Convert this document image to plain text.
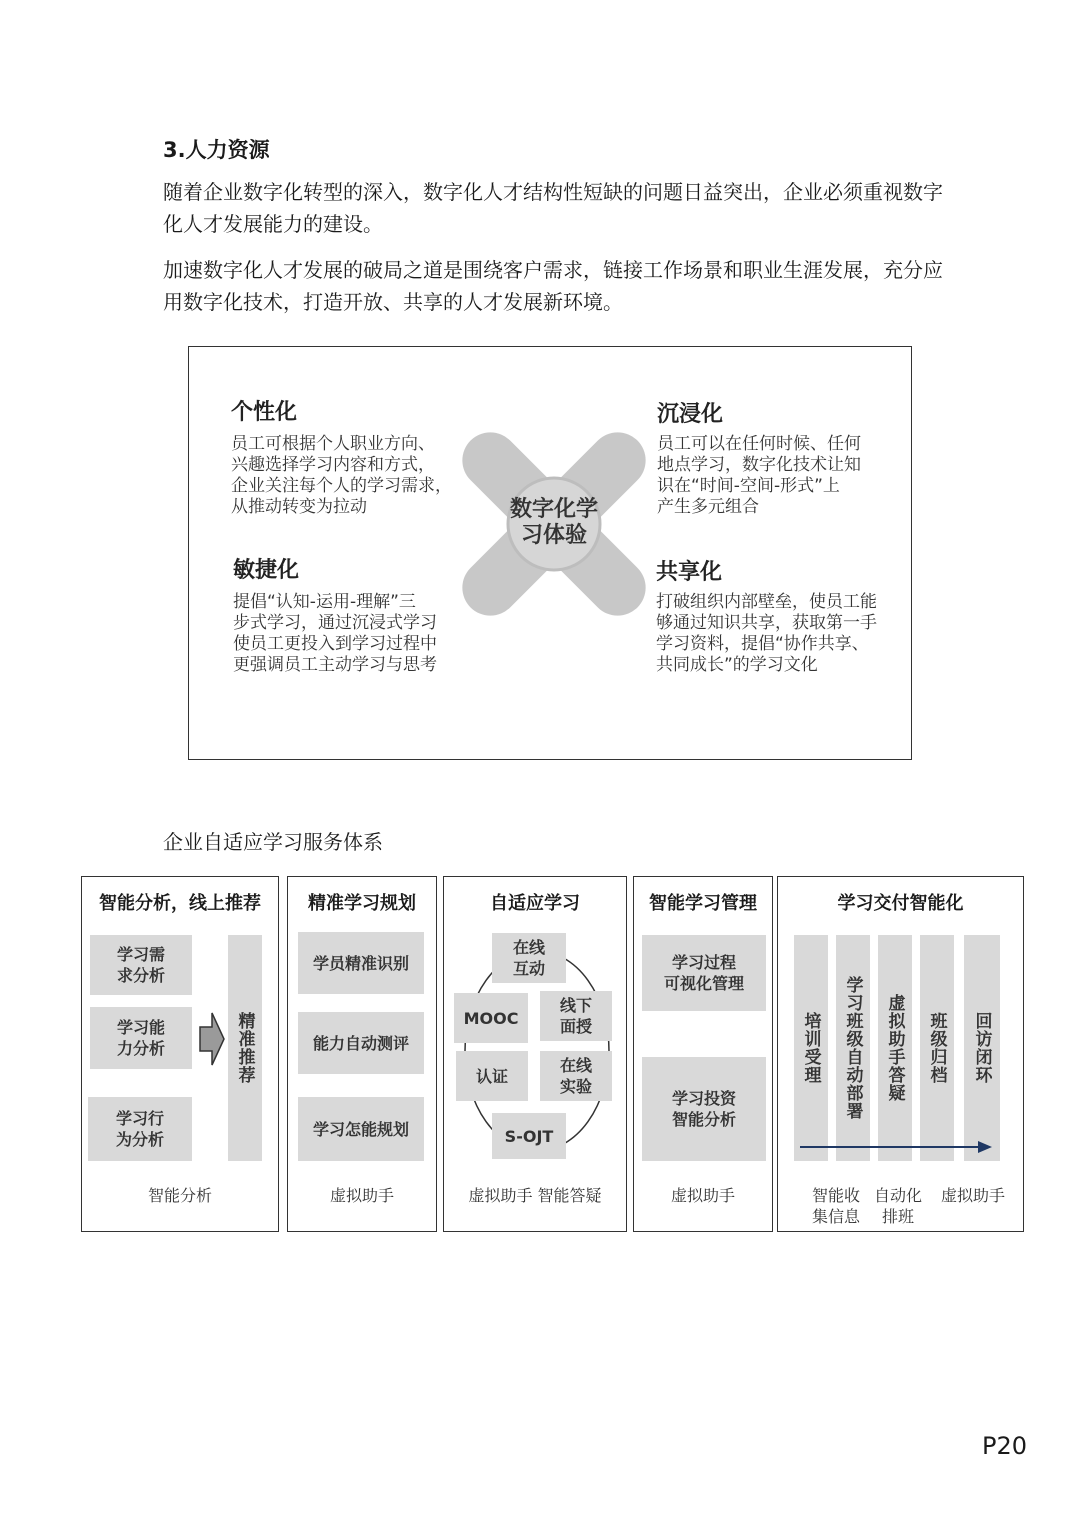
3.人力资源
随着企业数字化转型的深入，数字化人才结构性短缺的问题日益突出，企业必须重视数字化人才发展能力的建设。
加速数字化人才发展的破局之道是围绕客户需求，链接工作场景和职业生涯发展，充分应用数字化技术，打造开放、共享的人才发展新环境。
数字化学
习体验
个性化
员工可根据个人职业方向、
兴趣选择学习内容和方式，
企业关注每个人的学习需求，
从推动转变为拉动
沉浸化
员工可以在任何时候、任何
地点学习，数字化技术让知
识在“时间-空间-形式”上
产生多元组合
敏捷化
提倡“认知-运用-理解”三
步式学习，通过沉浸式学习
使员工更投入到学习过程中
更强调员工主动学习与思考
共享化
打破组织内部壁垒，使员工能
够通过知识共享，获取第一手
学习资料，提倡“协作共享、
共同成长”的学习文化
企业自适应学习服务体系
智能分析，线上推荐
学习需
求分析
学习能
力分析
学习行
为分析
精准推荐
智能分析
精准学习规划
学员精准识别
能力自动测评
学习怎能规划
虚拟助手
自适应学习
在线
互动
MOOC
线下
面授
认证
在线
实验
S-OJT
虚拟助手 智能答疑
智能学习管理
学习过程
可视化管理
学习投资
智能分析
虚拟助手
学习交付智能化
培训受理	学习班级自动部署	虚拟助手答疑	班级归档	回访闭环
智能收
集信息
自动化
排班
虚拟助手
P20
